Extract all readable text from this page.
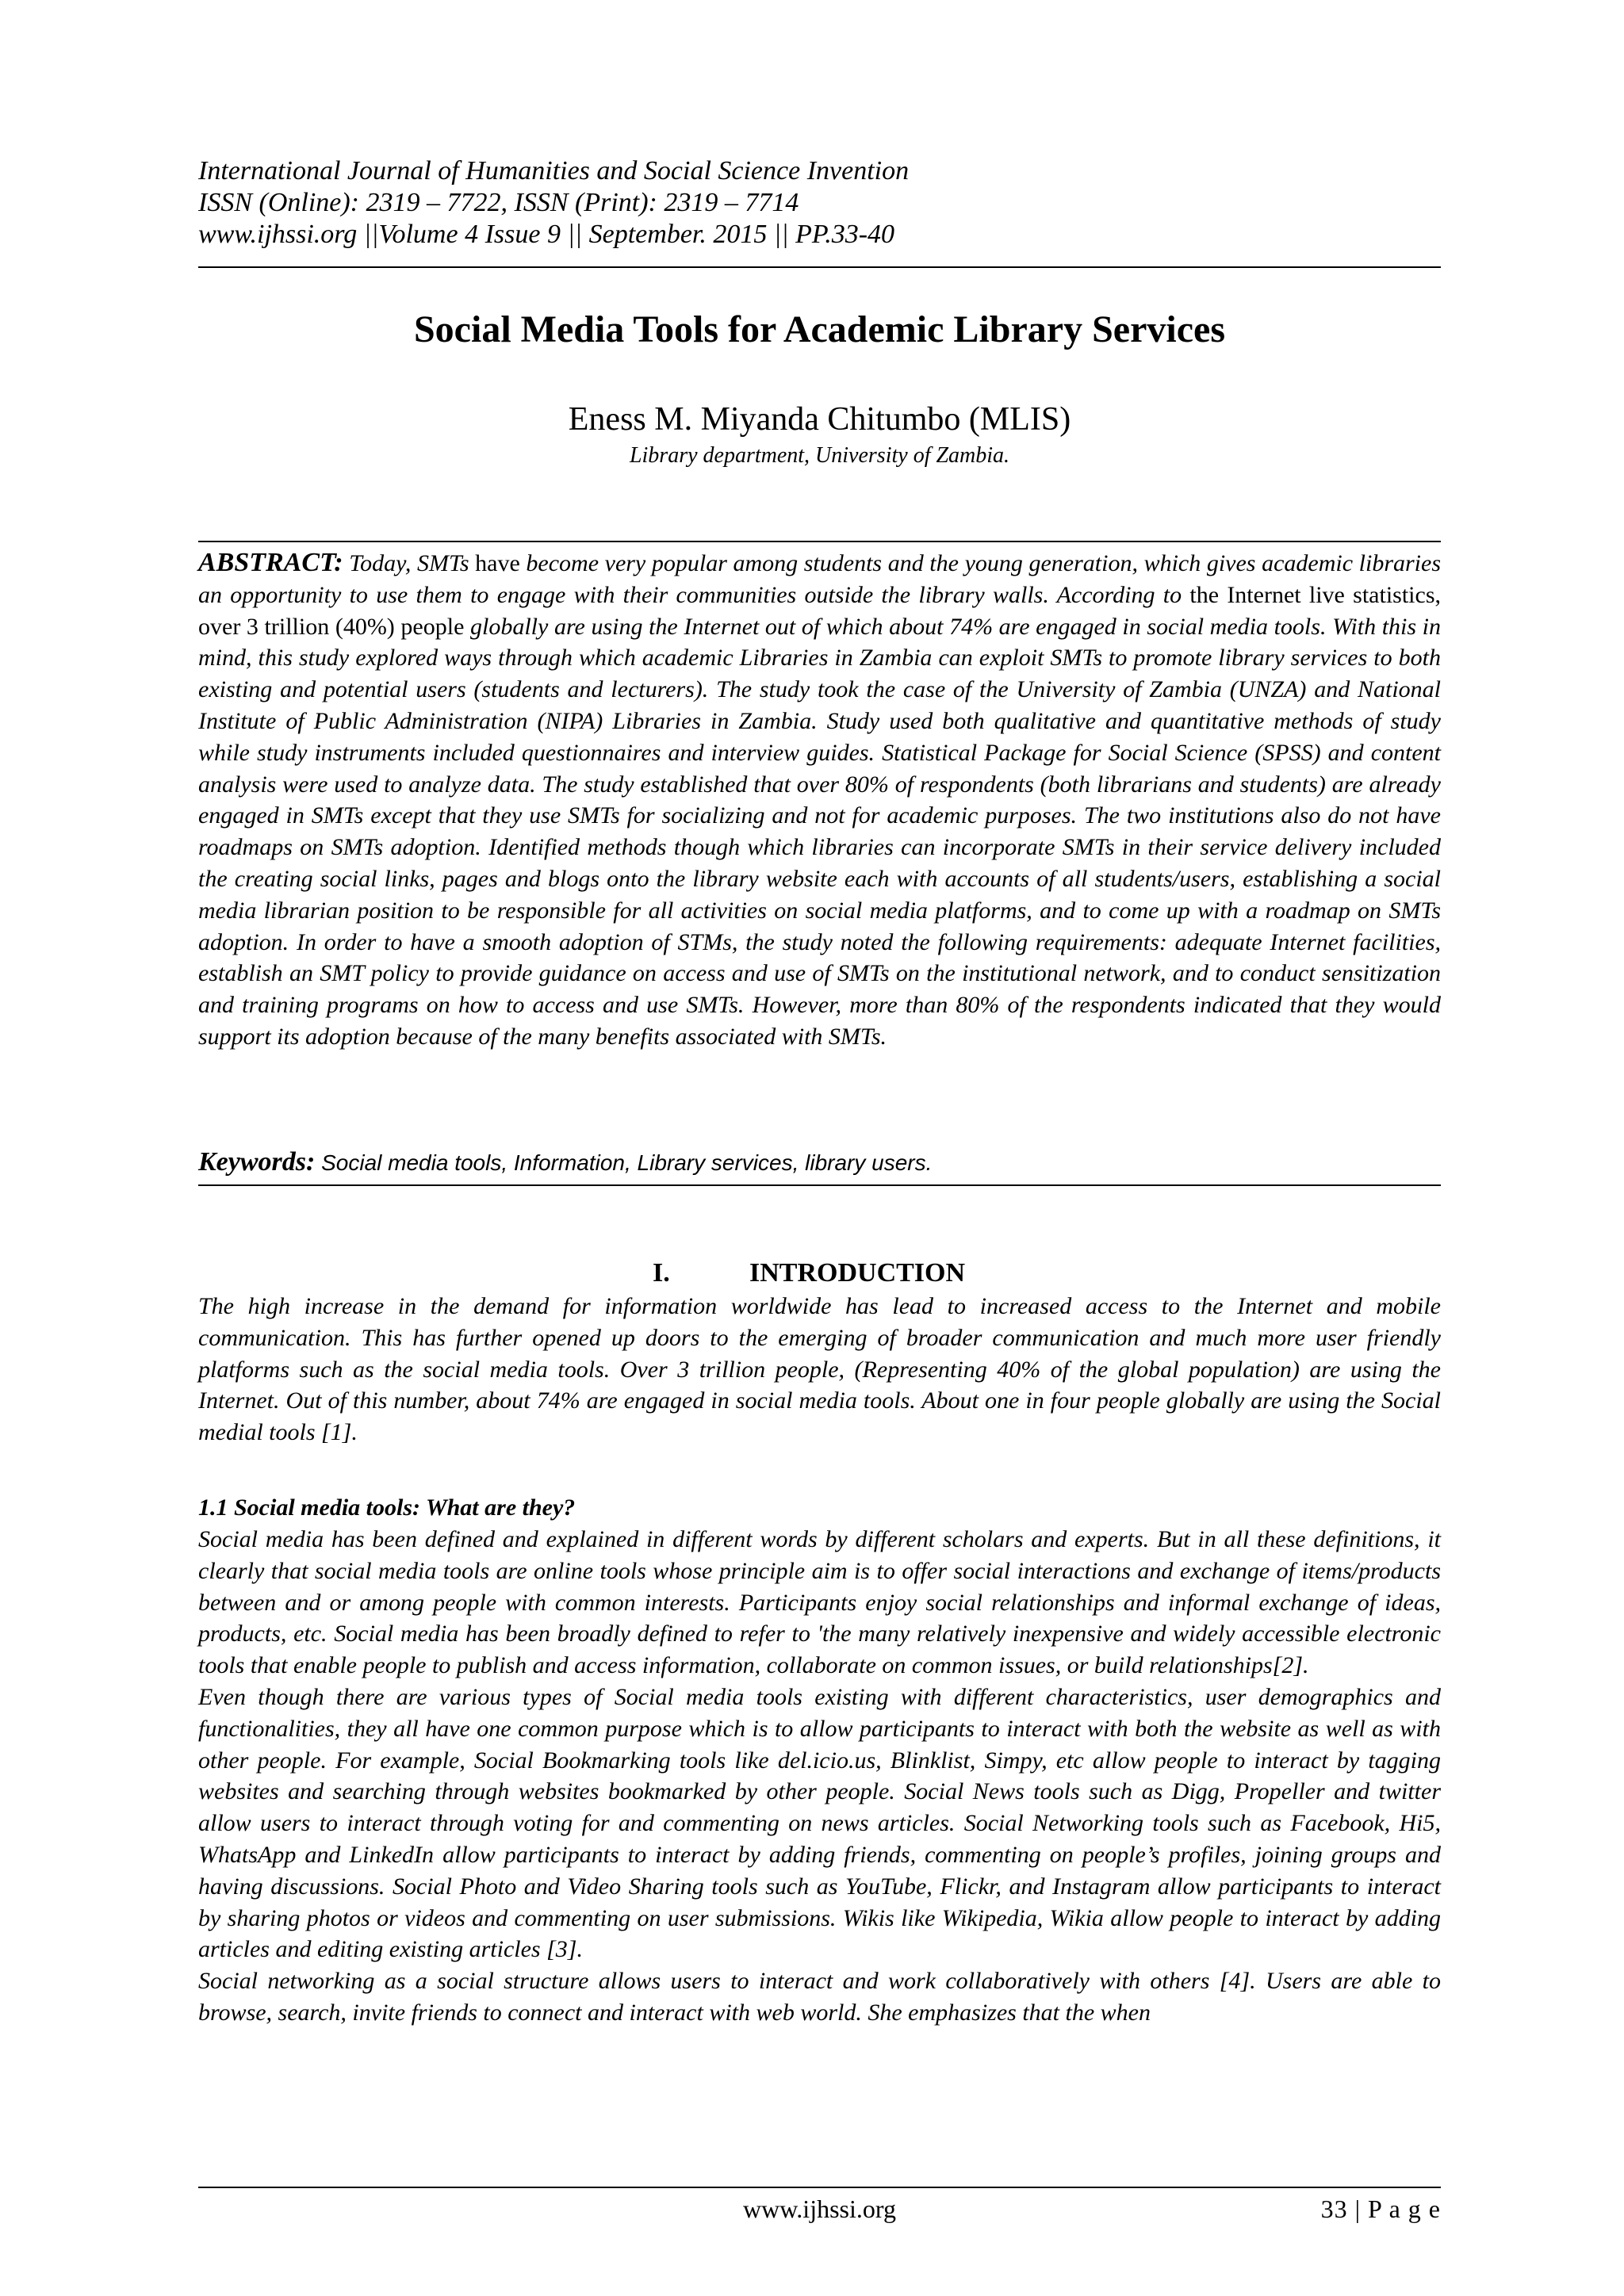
International Journal of Humanities and Social Science Invention
ISSN (Online): 2319 – 7722, ISSN (Print): 2319 – 7714
www.ijhssi.org ||Volume 4 Issue 9 || September. 2015 || PP.33-40
Social Media Tools for Academic Library Services
Eness M. Miyanda Chitumbo (MLIS)
Library department, University of Zambia.

ABSTRACT: Today, SMTs have become very popular among students and the young generation, which gives academic libraries an opportunity to use them to engage with their communities outside the library walls. According to the Internet live statistics, over 3 trillion (40%) people globally are using the Internet out of which about 74% are engaged in social media tools. With this in mind, this study explored ways through which academic Libraries in Zambia can exploit SMTs to promote library services to both existing and potential users (students and lecturers). The study took the case of the University of Zambia (UNZA) and National Institute of Public Administration (NIPA) Libraries in Zambia. Study used both qualitative and quantitative methods of study while study instruments included questionnaires and interview guides. Statistical Package for Social Science (SPSS) and content analysis were used to analyze data. The study established that over 80% of respondents (both librarians and students) are already engaged in SMTs except that they use SMTs for socializing and not for academic purposes. The two institutions also do not have roadmaps on SMTs adoption. Identified methods though which libraries can incorporate SMTs in their service delivery included the creating social links, pages and blogs onto the library website each with accounts of all students/users, establishing a social media librarian position to be responsible for all activities on social media platforms, and to come up with a roadmap on SMTs adoption. In order to have a smooth adoption of STMs, the study noted the following requirements: adequate Internet facilities, establish an SMT policy to provide guidance on access and use of SMTs on the institutional network, and to conduct sensitization and training programs on how to access and use SMTs. However, more than 80% of the respondents indicated that they would support its adoption because of the many benefits associated with SMTs.

Keywords: Social media tools, Information, Library services, library users.
I.	INTRODUCTION

The high increase in the demand for information worldwide has lead to increased access to the Internet and mobile communication. This has further opened up doors to the emerging of broader communication and much more user friendly platforms such as the social media tools. Over 3 trillion people, (Representing 40% of the global population) are using the Internet. Out of this number, about 74% are engaged in social media tools. About one in four people globally are using the Social medial tools [1].

1.1 Social media tools: What are they?

Social media has been defined and explained in different words by different scholars and experts. But in all these definitions, it clearly that social media tools are online tools whose principle aim is to offer social interactions and exchange of items/products between and or among people with common interests. Participants enjoy social relationships and informal exchange of ideas, products, etc. Social media has been broadly defined to refer to 'the many relatively inexpensive and widely accessible electronic tools that enable people to publish and access information, collaborate on common issues, or build relationships[2].

Even though there are various types of Social media tools existing with different characteristics, user demographics and functionalities, they all have one common purpose which is to allow participants to interact with both the website as well as with other people. For example, Social Bookmarking tools like del.icio.us, Blinklist, Simpy, etc allow people to interact by tagging websites and searching through websites bookmarked by other people. Social News tools such as Digg, Propeller and twitter allow users to interact through voting for and commenting on news articles. Social Networking tools such as Facebook, Hi5, WhatsApp and LinkedIn allow participants to interact by adding friends, commenting on people’s profiles, joining groups and having discussions. Social Photo and Video Sharing tools such as YouTube, Flickr, and Instagram allow participants to interact by sharing photos or videos and commenting on user submissions. Wikis like Wikipedia, Wikia allow people to interact by adding articles and editing existing articles [3].

Social networking as a social structure allows users to interact and work collaboratively with others [4]. Users are able to browse, search, invite friends to connect and interact with web world. She emphasizes that the when

www.ijhssi.org	33 | P a g e
